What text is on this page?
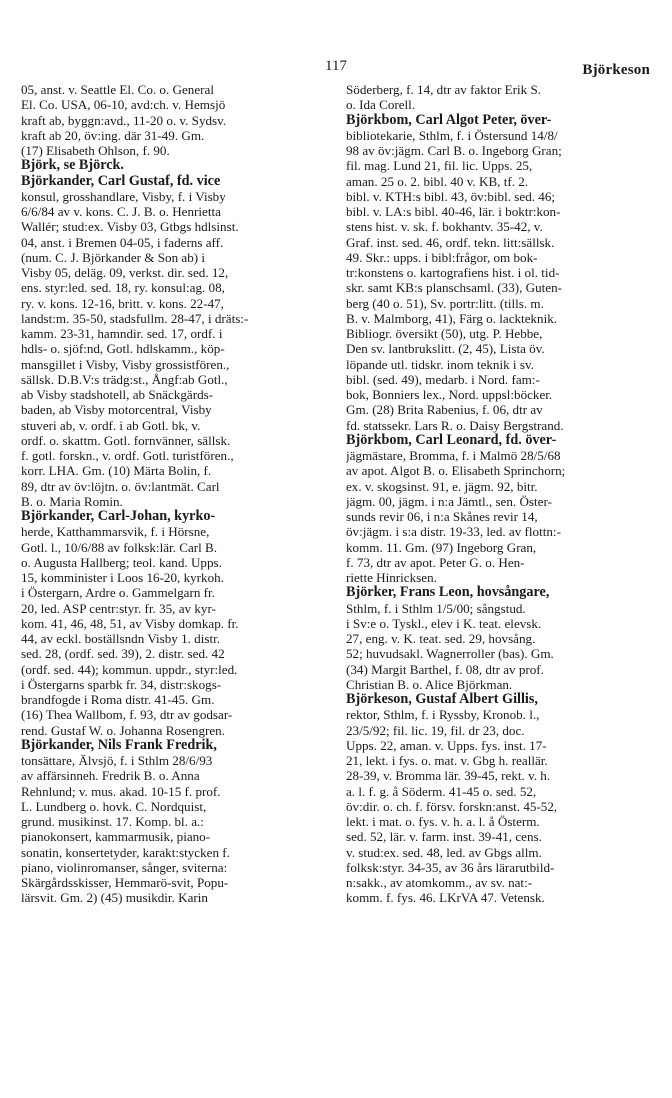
117	Björkeson
05, anst. v. Seattle El. Co. o. General
El. Co. USA, 06-10, avd:ch. v. Hemsjö
kraft ab, byggn:avd., 11-20 o. v. Sydsv.
kraft ab 20, öv:ing. där 31-49. Gm.
(17) Elisabeth Ohlson, f. 90.
Björk, se Björck.
Björkander, Carl Gustaf, fd. vice
konsul, grosshandlare, Visby, f. i Visby
6/6/84 av v. kons. C. J. B. o. Henrietta
Wallér; stud:ex. Visby 03, Gtbgs hdlsinst.
04, anst. i Bremen 04-05, i faderns aff.
(num. C. J. Björkander & Son ab) i
Visby 05, deläg. 09, verkst. dir. sed. 12,
ens. styr:led. sed. 18, ry. konsul:ag. 08,
ry. v. kons. 12-16, britt. v. kons. 22-47,
landst:m. 35-50, stadsfullm. 28-47, i dräts:-
kamm. 23-31, hamndir. sed. 17, ordf. i
hdls- o. sjöf:nd, Gotl. hdlskamm., köp-
mansgillet i Visby, Visby grossistfören.,
sällsk. D.B.V:s trädg:st., Ångf:ab Gotl.,
ab Visby stadshotell, ab Snäckgärds-
baden, ab Visby motorcentral, Visby
stuveri ab, v. ordf. i ab Gotl. bk, v.
ordf. o. skattm. Gotl. fornvänner, sällsk.
f. gotl. forskn., v. ordf. Gotl. turistfören.,
korr. LHA. Gm. (10) Märta Bolin, f.
89, dtr av öv:löjtn. o. öv:lantmät. Carl
B. o. Maria Romin.
Björkander, Carl-Johan, kyrko-
herde, Katthammarsvik, f. i Hörsne,
Gotl. l., 10/6/88 av folksk:lär. Carl B.
o. Augusta Hallberg; teol. kand. Upps.
15, komminister i Loos 16-20, kyrkoh.
i Östergarn, Ardre o. Gammelgarn fr.
20, led. ASP centr:styr. fr. 35, av kyr-
kom. 41, 46, 48, 51, av Visby domkap. fr.
44, av eckl. boställsndn Visby 1. distr.
sed. 28, (ordf. sed. 39), 2. distr. sed. 42
(ordf. sed. 44); kommun. uppdr., styr:led.
i Östergarns sparbk fr. 34, distr:skogs-
brandfogde i Roma distr. 41-45. Gm.
(16) Thea Wallbom, f. 93, dtr av godsar-
rend. Gustaf W. o. Johanna Rosengren.
Björkander, Nils Frank Fredrik,
tonsättare, Älvsjö, f. i Sthlm 28/6/93
av affärsinneh. Fredrik B. o. Anna
Rehnlund; v. mus. akad. 10-15 f. prof.
L. Lundberg o. hovk. C. Nordquist,
grund. musikinst. 17. Komp. bl. a.:
pianokonsert, kammarmusik, piano-
sonatin, konsertetyder, karakt:stycken f.
piano, violinromanser, sånger, sviterna:
Skärgårdsskisser, Hemmarö-svit, Popu-
lärsvit. Gm. 2) (45) musikdir. Karin
Söderberg, f. 14, dtr av faktor Erik S.
o. Ida Corell.
Björkbom, Carl Algot Peter, över-
bibliotekarie, Sthlm, f. i Östersund 14/8/
98 av öv:jägm. Carl B. o. Ingeborg Gran;
fil. mag. Lund 21, fil. lic. Upps. 25,
aman. 25 o. 2. bibl. 40 v. KB, tf. 2.
bibl. v. KTH:s bibl. 43, öv:bibl. sed. 46;
bibl. v. LA:s bibl. 40-46, lär. i boktr:kon-
stens hist. v. sk. f. bokhantv. 35-42, v.
Graf. inst. sed. 46, ordf. tekn. litt:sällsk.
49. Skr.: upps. i bibl:frågor, om bok-
tr:konstens o. kartografiens hist. i ol. tid-
skr. samt KB:s planschsaml. (33), Guten-
berg (40 o. 51), Sv. portr:litt. (tills. m.
B. v. Malmborg, 41), Färg o. lackteknik.
Bibliogr. översikt (50), utg. P. Hebbe,
Den sv. lantbrukslitt. (2, 45), Lista öv.
löpande utl. tidskr. inom teknik i sv.
bibl. (sed. 49), medarb. i Nord. fam:-
bok, Bonniers lex., Nord. uppsl:böcker.
Gm. (28) Brita Rabenius, f. 06, dtr av
fd. statssekr. Lars R. o. Daisy Bergstrand.
Björkbom, Carl Leonard, fd. över-
jägmästare, Bromma, f. i Malmö 28/5/68
av apot. Algot B. o. Elisabeth Sprinchorn;
ex. v. skogsinst. 91, e. jägm. 92, bitr.
jägm. 00, jägm. i n:a Jämtl., sen. Öster-
sunds revir 06, i n:a Skånes revir 14,
öv:jägm. i s:a distr. 19-33, led. av flottn:-
komm. 11. Gm. (97) Ingeborg Gran,
f. 73, dtr av apot. Peter G. o. Hen-
riette Hinricksen.
Björker, Frans Leon, hovsångare,
Sthlm, f. i Sthlm 1/5/00; sångstud.
i Sv:e o. Tyskl., elev i K. teat. elevsk.
27, eng. v. K. teat. sed. 29, hovsång.
52; huvudsakl. Wagnerroller (bas). Gm.
(34) Margit Barthel, f. 08, dtr av prof.
Christian B. o. Alice Björkman.
Björkeson, Gustaf Albert Gillis,
rektor, Sthlm, f. i Ryssby, Kronob. l.,
23/5/92; fil. lic. 19, fil. dr 23, doc.
Upps. 22, aman. v. Upps. fys. inst. 17-
21, lekt. i fys. o. mat. v. Gbg h. reallär.
28-39, v. Bromma lär. 39-45, rekt. v. h.
a. l. f. g. å Söderm. 41-45 o. sed. 52,
öv:dir. o. ch. f. försv. forskn:anst. 45-52,
lekt. i mat. o. fys. v. h. a. l. å Österm.
sed. 52, lär. v. farm. inst. 39-41, cens.
v. stud:ex. sed. 48, led. av Gbgs allm.
folksk:styr. 34-35, av 36 års lärarutbild-
n:sakk., av atomkomm., av sv. nat:-
komm. f. fys. 46. LKrVA 47. Vetensk.
